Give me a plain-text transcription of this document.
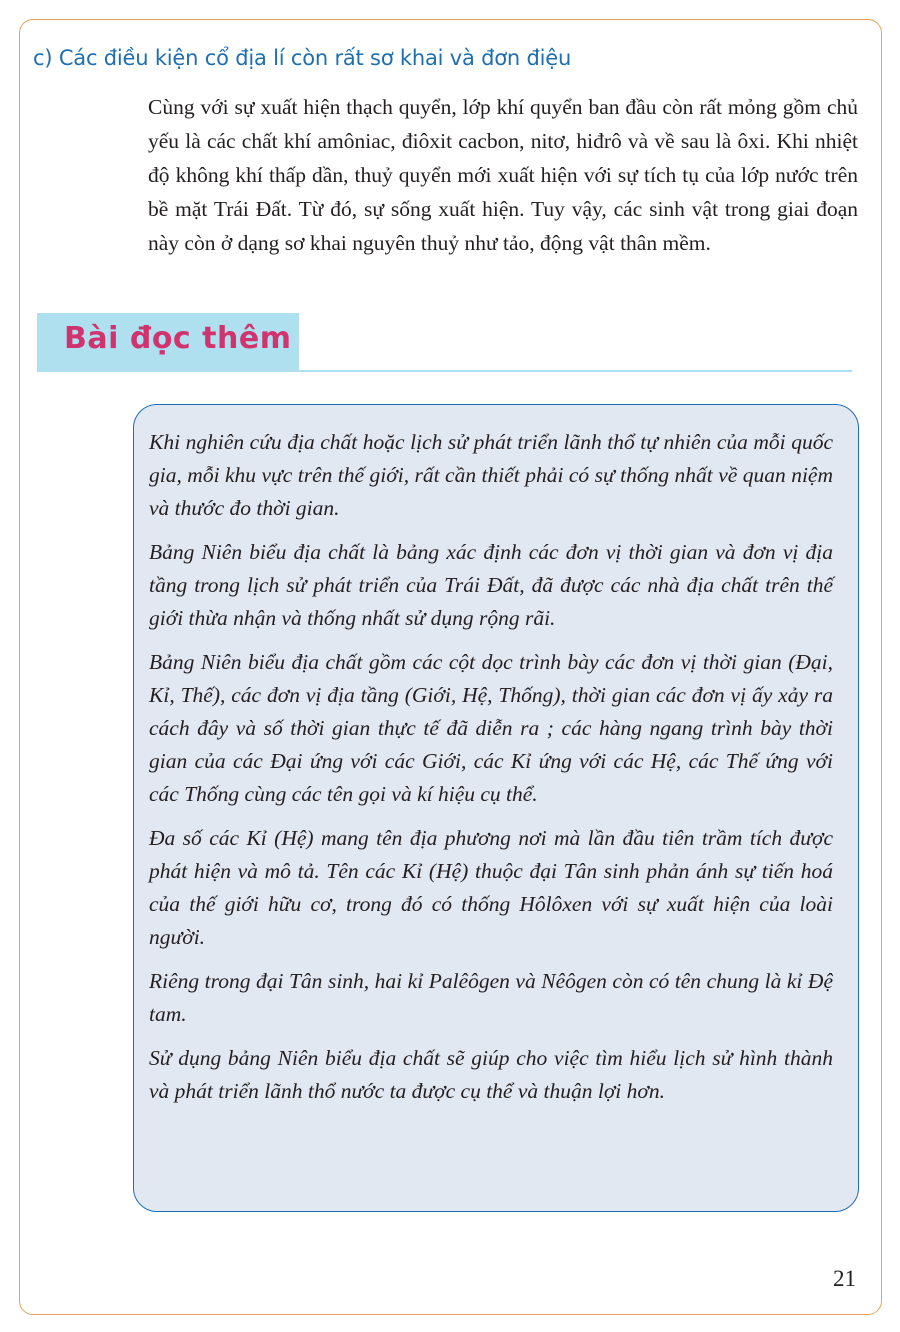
c) Các điều kiện cổ địa lí còn rất sơ khai và đơn điệu

Cùng với sự xuất hiện thạch quyển, lớp khí quyển ban đầu còn rất mỏng gồm chủ yếu là các chất khí amôniac, điôxit cacbon, nitơ, hiđrô và về sau là ôxi. Khi nhiệt độ không khí thấp dần, thuỷ quyển mới xuất hiện với sự tích tụ của lớp nước trên bề mặt Trái Đất. Từ đó, sự sống xuất hiện. Tuy vậy, các sinh vật trong giai đoạn này còn ở dạng sơ khai nguyên thuỷ như tảo, động vật thân mềm.

Bài đọc thêm

Khi nghiên cứu địa chất hoặc lịch sử phát triển lãnh thổ tự nhiên của mỗi quốc gia, mỗi khu vực trên thế giới, rất cần thiết phải có sự thống nhất về quan niệm và thước đo thời gian.

Bảng Niên biểu địa chất là bảng xác định các đơn vị thời gian và đơn vị địa tầng trong lịch sử phát triển của Trái Đất, đã được các nhà địa chất trên thế giới thừa nhận và thống nhất sử dụng rộng rãi.

Bảng Niên biểu địa chất gồm các cột dọc trình bày các đơn vị thời gian (Đại, Kỉ, Thế), các đơn vị địa tầng (Giới, Hệ, Thống), thời gian các đơn vị ấy xảy ra cách đây và số thời gian thực tế đã diễn ra ; các hàng ngang trình bày thời gian của các Đại ứng với các Giới, các Kỉ ứng với các Hệ, các Thế ứng với các Thống cùng các tên gọi và kí hiệu cụ thể.

Đa số các Kỉ (Hệ) mang tên địa phương nơi mà lần đầu tiên trầm tích được phát hiện và mô tả. Tên các Kỉ (Hệ) thuộc đại Tân sinh phản ánh sự tiến hoá của thế giới hữu cơ, trong đó có thống Hôlôxen với sự xuất hiện của loài người.

Riêng trong đại Tân sinh, hai kỉ Palêôgen và Nêôgen còn có tên chung là kỉ Đệ tam.

Sử dụng bảng Niên biểu địa chất sẽ giúp cho việc tìm hiểu lịch sử hình thành và phát triển lãnh thổ nước ta được cụ thể và thuận lợi hơn.

21
